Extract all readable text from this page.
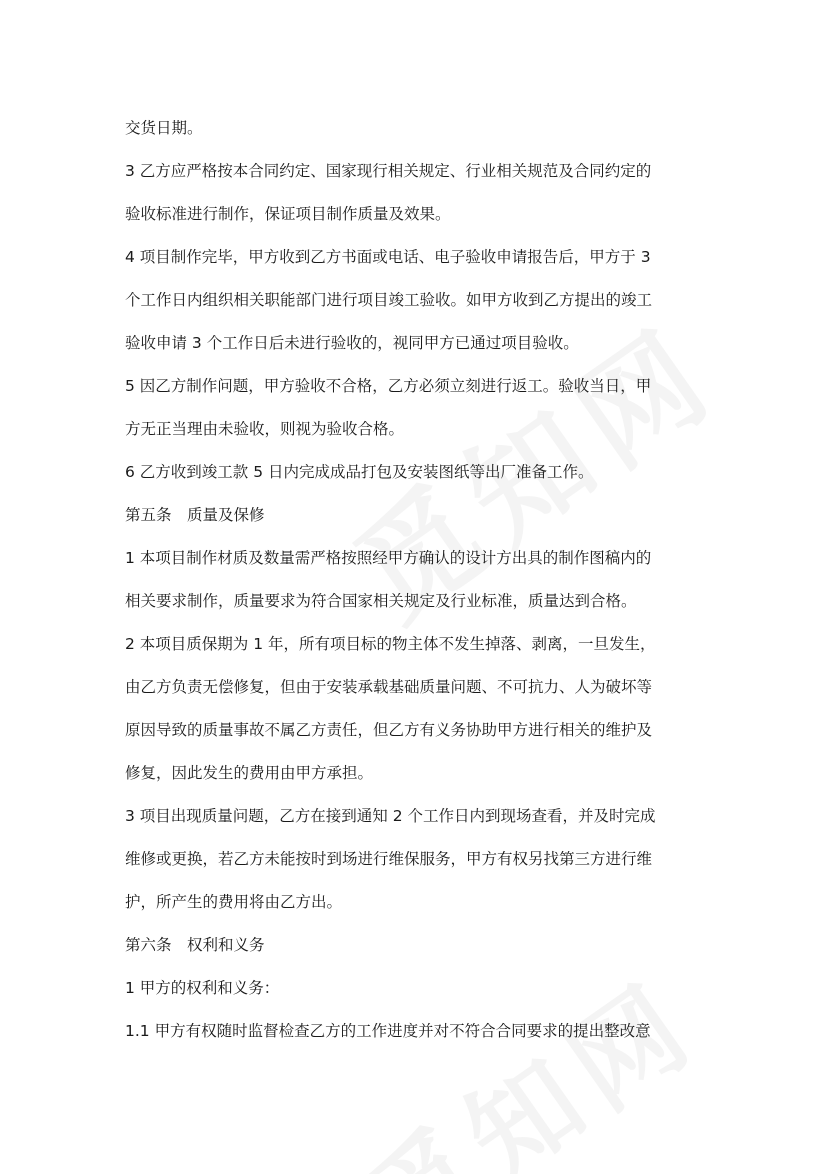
交货日期。
3 乙方应严格按本合同约定、国家现行相关规定、行业相关规范及合同约定的
验收标准进行制作，保证项目制作质量及效果。
4 项目制作完毕，甲方收到乙方书面或电话、电子验收申请报告后，甲方于 3
个工作日内组织相关职能部门进行项目竣工验收。如甲方收到乙方提出的竣工
验收申请 3 个工作日后未进行验收的，视同甲方已通过项目验收。
5 因乙方制作问题，甲方验收不合格，乙方必须立刻进行返工。验收当日，甲
方无正当理由未验收，则视为验收合格。
6 乙方收到竣工款 5 日内完成成品打包及安装图纸等出厂准备工作。
第五条　质量及保修
1 本项目制作材质及数量需严格按照经甲方确认的设计方出具的制作图稿内的
相关要求制作，质量要求为符合国家相关规定及行业标准，质量达到合格。
2 本项目质保期为 1 年，所有项目标的物主体不发生掉落、剥离，一旦发生，
由乙方负责无偿修复，但由于安装承载基础质量问题、不可抗力、人为破坏等
原因导致的质量事故不属乙方责任，但乙方有义务协助甲方进行相关的维护及
修复，因此发生的费用由甲方承担。
3 项目出现质量问题，乙方在接到通知 2 个工作日内到现场查看，并及时完成
维修或更换，若乙方未能按时到场进行维保服务，甲方有权另找第三方进行维
护，所产生的费用将由乙方出。
第六条　权利和义务
1 甲方的权利和义务：
1.1 甲方有权随时监督检查乙方的工作进度并对不符合合同要求的提出整改意
